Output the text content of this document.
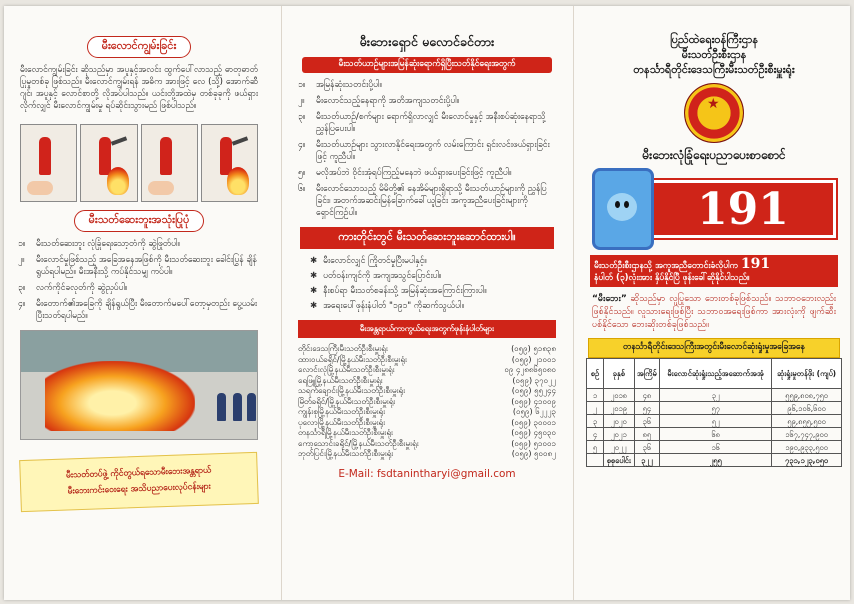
မီးလောင်ကျွမ်းခြင်း

မီးလောင်ကျွမ်းခြင်း ဆိုသည်မှာ အပူနှင့်အလင်း ထွက်ပေါ်လာသည့် ဓာတုဓာတ်ပြုမှုတစ်ခု ဖြစ်သည်။ မီးလောင်ကျွမ်းရန် အဓိက အားဖြင့် လေ (သို့) အောက်ဆီဂျင်၊ အပူနှင့် လောင်စာတို့ လိုအပ်ပါသည်။ ယင်းတို့အထဲမှ တစ်ခုခုကို ဖယ်ရှားလိုက်လျှင် မီးလောင်ကျွမ်းမှု ရပ်ဆိုင်းသွားမည် ဖြစ်ပါသည်။

မီးသတ်ဆေးဘူးအသုံးပြုပုံ
၁။	မီးသတ်ဆေးဘူး လုံခြုံရေးသော့တံကို ဆွဲဖြုတ်ပါ။
၂။	မီးလောင်မှုဖြစ်သည့် အခြေအနေအဖြစ်ကို မီးသတ်ဆေးဘူး ခေါင်းပြွန် ချိန်ရွယ်ရပါမည်။ မီးအနီးသို့ ကပ်နိုင်သမျှ ကပ်ပါ။
၃။	လက်ကိုင်ခလုတ်ကို ဆွဲညှပ်ပါ။
၄။	မီးတောက်၏အခြေကို ချိန်ရွယ်ပြီး မီးတောက်မပေါ်တော့မှတည်း ပွေ့ယမ်းပြီးသတ်ရပါမည်။
မီးသတ်တပ်ဖွဲ့ ကိုင်တွယ်ရသောမီးဘေးအန္တရာယ်
မီးဘေးကင်းဝေးရေး အသိပညာပေးလုပ်ငန်းများ
မီးဘေးရှောင် မလောင်ခင်တား
မီးသတ်ယာဉ်များအမြန်ဆုံးရောက်ရှိပြီးသတ်နိုင်ရေးအတွက်
၁။	အမြန်ဆုံးသတင်းပို့ပါ။
၂။	မီးလောင်သည့်နေရာကို အတိအကျသတင်းပို့ပါ။
၃။	မီးသတ်ယာဉ်/စက်များ ရောက်ရှိလာလျှင် မီးလောင်မှုနှင့် အနီးစပ်ဆုံးနေရာသို့ ညွှန်ပြပေးပါ။
၄။	မီးသတ်ယာဉ်များ သွားလာနိုင်ရေးအတွက် လမ်းကြောင်း ရှင်းလင်းဖယ်ရှားခြင်းဖြင့် ကူညီပါ။
၅။	မလိုအပ်ဘဲ ဝိုင်းအုံရပ်ကြည့်မနေဘဲ ဖယ်ရှားပေးခြင်းဖြင့် ကူညီပါ။
၆။	မီးလောင်သောသည့် မိမိတို့၏ နေအိမ်များရှိရာသို့ မီးသတ်ယာဉ်များကို ညွှန်ပြခြင်း၊ အတက်အဆင်းမြန်ခြောက်ခေါ်ယူခြင်း အကူအညီပေးခြင်းများကို ရှောင်ကြဉ်ပါ။
ကားတိုင်းတွင် မီးသတ်ဆေးဘူးဆောင်ထားပါ။
✱ မီးလောင်လျှင် ကြိုတင်မှုပြီးမပါနှင့်။
✱ ပတ်ဝန်းကျင်ကို အကျအသွင်ပြောင်းပါ။
✱ နီးစပ်ရာ မီးသတ်စခန်းသို့ အမြန်ဆုံးအကြောင်းကြားပါ။
✱ အရေးပေါ်ဖုန်းနံပါတ် "၁၉၁" ကိုဆက်သွယ်ပါ။
မီးအန္တရာယ်ကာကွယ်ရေးအတွက်ဖုန်းနံပါတ်များ
တိုင်းဒေသကြီးမီးသတ်ဦးစီးမှူးရုံး	(၀၅၉) ၅၁၈၃၈
ထားဝယ်ခရိုင်/မြို့နယ်မီးသတ်ဦးစီးမှူးရုံး	(၀၅၉) ၂၁၀၀၁
လောင်းလုံမြို့နယ်မီးသတ်ဦးစီးမှူးရုံး	၀၉ ၄၂၈၈၆၅၀၈၀
ရေဖြူမြို့နယ်မီးသတ်ဦးစီးမှူးရုံး	(၀၅၉) ၃၇၀၂၂
သရက်ချောင်းမြို့နယ်မီးသတ်ဦးစီးမှူးရုံး	(၀၅၉) ၅၅၂၄၄
မြိတ်ခရိုင်/မြို့နယ်မီးသတ်ဦးစီးမှူးရုံး	(၀၅၉) ၄၁၀၀၉
ကျွန်းစုမြို့နယ်မီးသတ်ဦးစီးမှူးရုံး	(၀၅၉) ၆၂၂၂၃
ပုလောမြို့နယ်မီးသတ်ဦးစီးမှူးရုံး	(၀၅၉) ၃၀၀၀၁
တနင်္သာရီမြို့နယ်မီးသတ်ဦးစီးမှူးရုံး	(၀၅၉) ၄၅၀၃၀
ကော့သောင်းခရိုင်/မြို့နယ်မီးသတ်ဦးစီးမှူးရုံး	(၀၅၉) ၅၁၀၀၁
ဘုတ်ပြင်းမြို့နယ်မီးသတ်ဦးစီးမှူးရုံး	(၀၅၉) ၅၀၀၈၂
E-Mail: fsdtanintharyi@gmail.com
ပြည်ထဲရေးဝန်ကြီးဌာန
မီးသတ်ဦးစီးဌာန
တနင်္သာရီတိုင်းဒေသကြီးမီးသတ်ဦးစီးမှူးရုံး
★
မီးဘေးလုံခြုံရေးပညာပေးစာစောင်
191
မီးသတ်ဦးစီးဌာနသို့ အကူအညီတောင်းခံလိုပါက 191
နံပါတ် (၃)လုံးအား နှိပ်နိုင်ပြီ ဖုန်းခေါ်ဆိုနိုင်ပါသည်။

“မီးဘေး” ဆိုသည်မှာ လူပြုသော ဘေးတစ်ခုဖြစ်သည်။ သဘာဝဘေးလည်း ဖြစ်နိုင်သည်။ လူသားရေးဖြစ်ပြီး သဘာဝအရေးဖြစ်ကာ အားလုံးကို ဖျက်ဆီးပစ်နိုင်သော ဘေးဆိုးတစ်ခုဖြစ်သည်။

တနင်္သာရီတိုင်းဒေသကြီးအတွင်းမီးလောင်ဆုံးရှုံးမှုအခြေအနေ
စဉ်	ခုနှစ်	အကြိမ်	မီးလောင်ဆုံးရှုံးသည့်အဆောက်အအုံ	ဆုံးရှုံးမှုတန်ဖိုး (ကျပ်)
၁	၂၀၁၈	၄၈	၃၂	၅၅၉,၈၀၈,၇၅၀
၂	၂၀၁၉	၅၄	၅၇	၉၆,၁၀၆,၆၀၀
၃	၂၀၂၀	၃၆	၅၂	၅၉,၈၅၅,၅၀၀
၄	၂၀၂၁	၈၅	၆၈	၁၆၇,၇၄၇,၉၀၀
၅	၂၀၂၂	၃၆	၁၆	၁၉၀,၉၃၃,၅၀၀
	စုစုပေါင်း	၃၂၂	၂၅၅	၇၃၁,၁၂၃,၀၅၀
